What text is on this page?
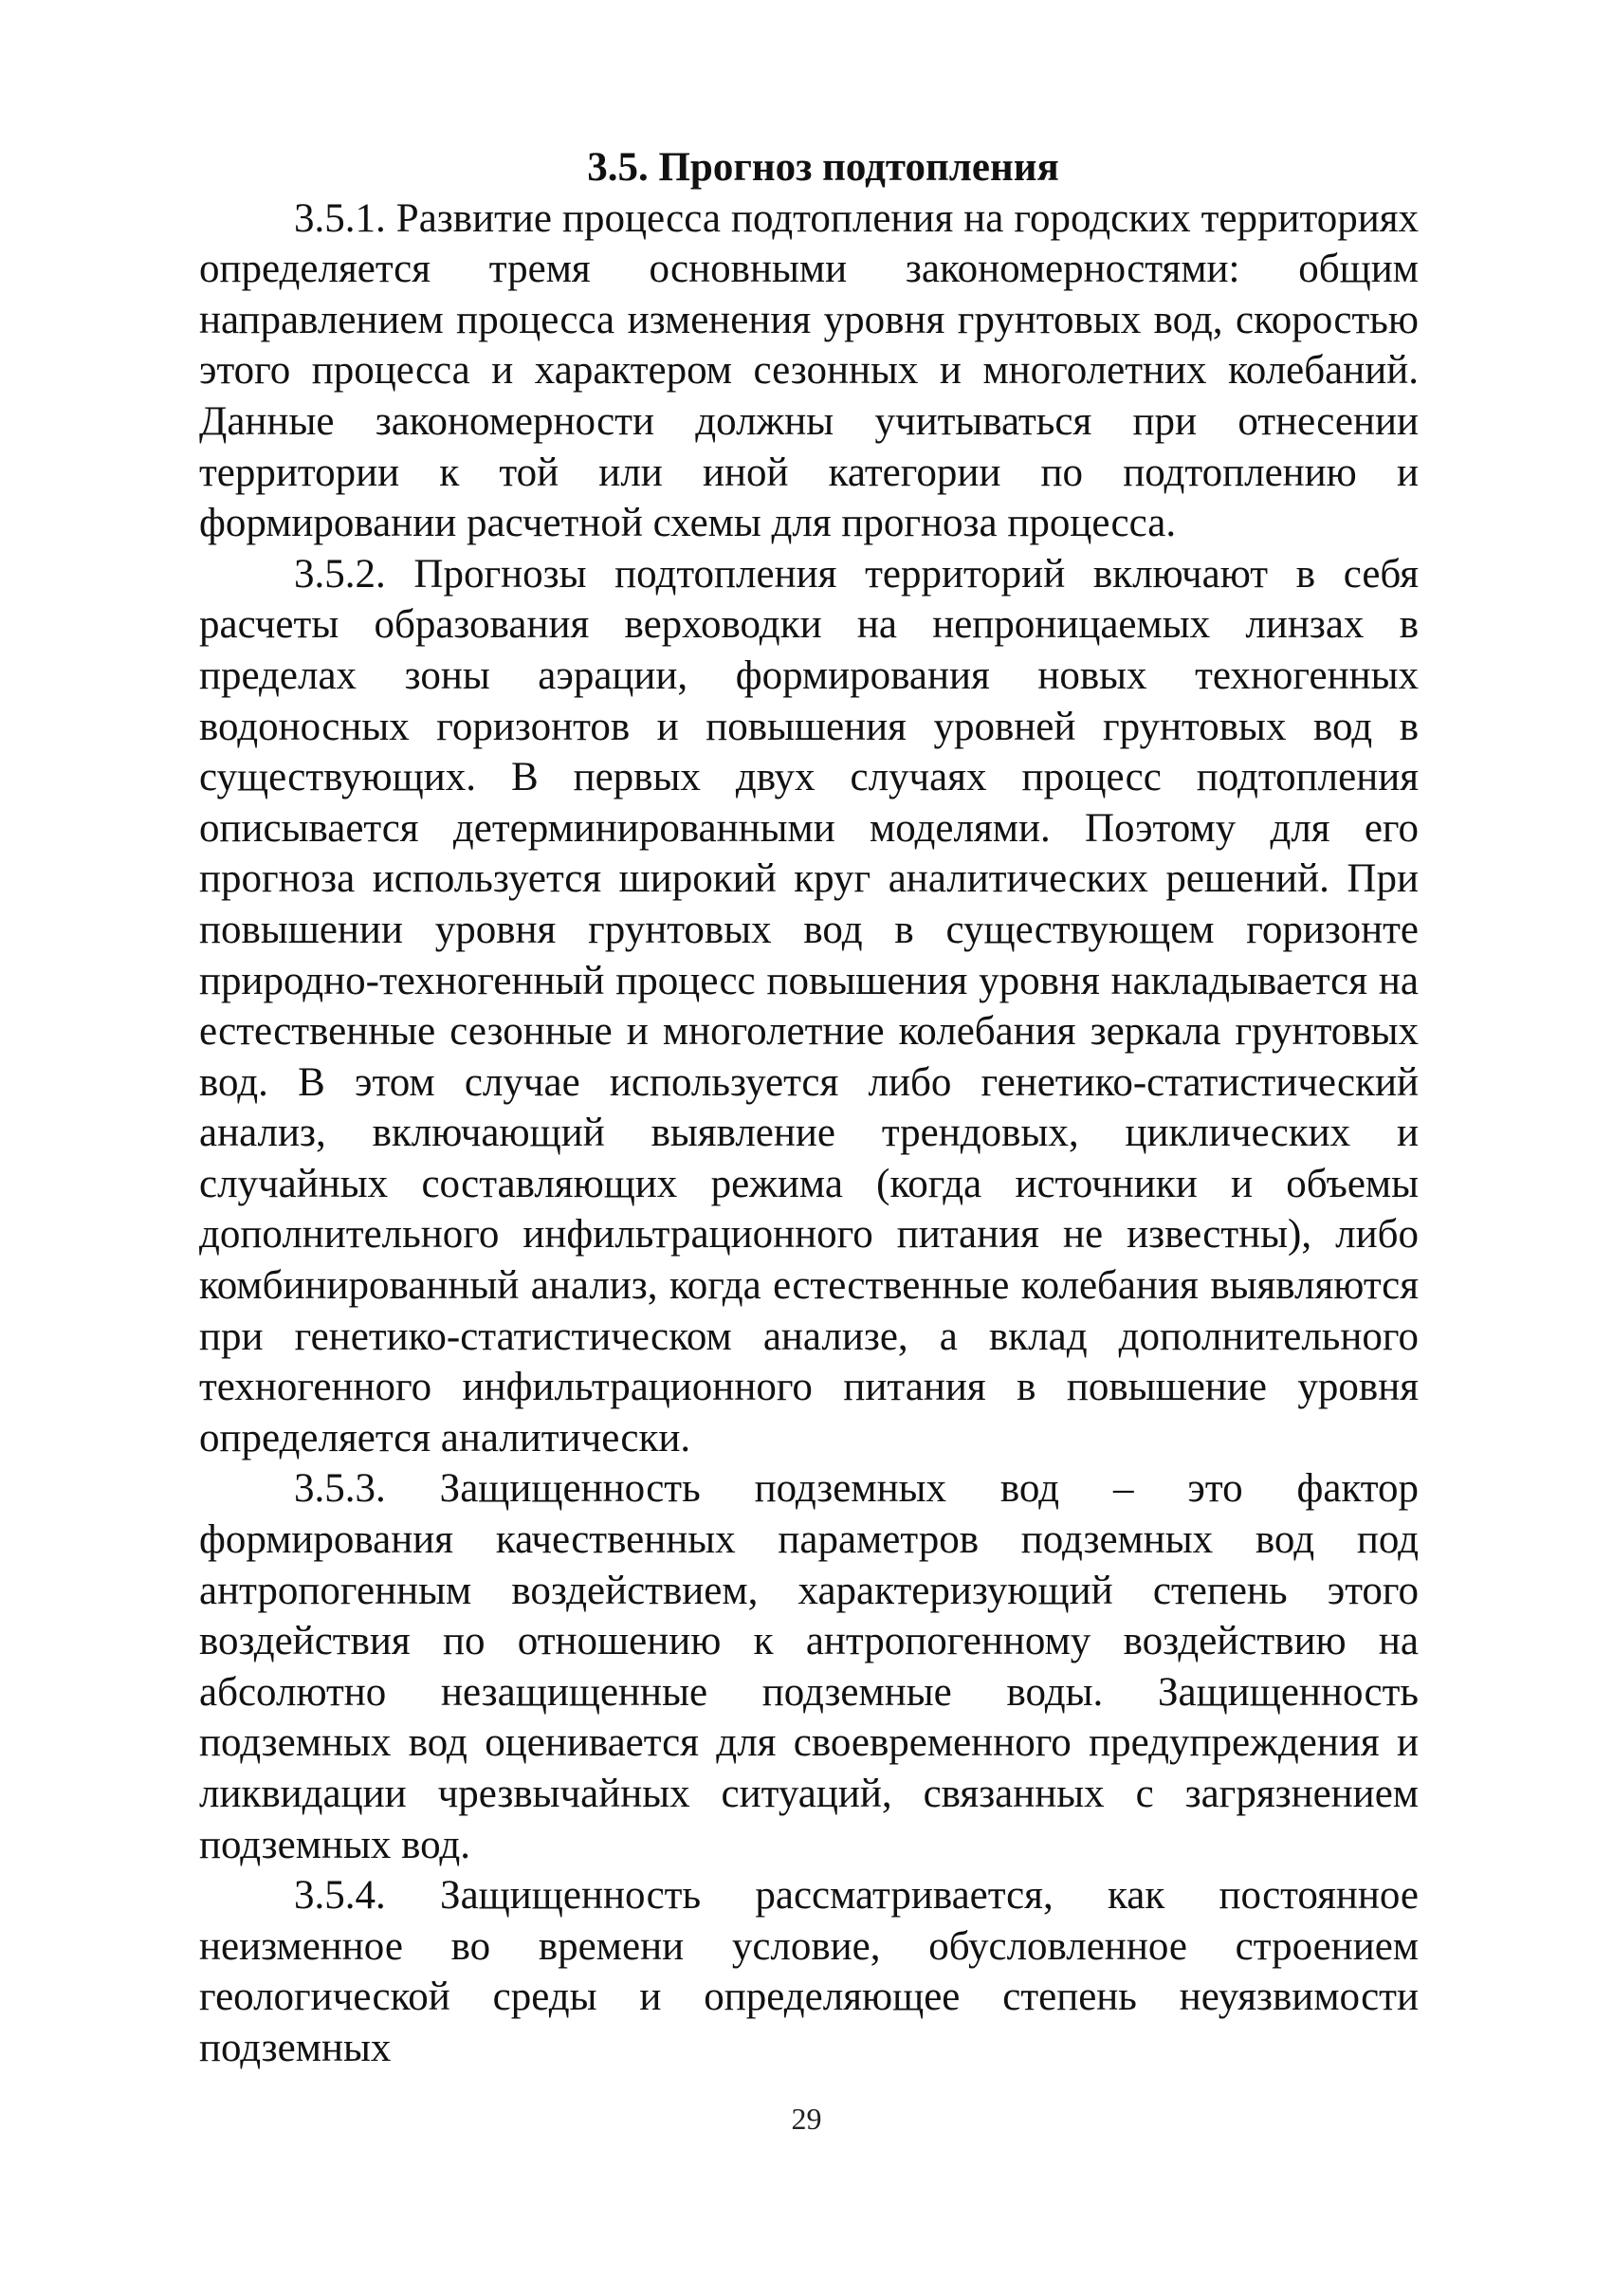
3.5. Прогноз подтопления

3.5.1. Развитие процесса подтопления на городских территориях определяется тремя основными закономерностями: общим направлением процесса изменения уровня грунтовых вод, скоростью этого процесса и характером сезонных и многолетних колебаний. Данные закономерности должны учитываться при отнесении территории к той или иной категории по подтоплению и формировании расчетной схемы для прогноза процесса.

3.5.2. Прогнозы подтопления территорий включают в себя расчеты образования верховодки на непроницаемых линзах в пределах зоны аэрации, формирования новых техногенных водоносных горизонтов и повышения уровней грунтовых вод в существующих. В первых двух случаях процесс подтопления описывается детерминированными моделями. Поэтому для его прогноза используется широкий круг аналитических решений. При повышении уровня грунтовых вод в существующем горизонте природно-техногенный процесс повышения уровня накладывается на естественные сезонные и многолетние колебания зеркала грунтовых вод. В этом случае используется либо генетико-статистический анализ, включающий выявление трендовых, циклических и случайных составляющих режима (когда источники и объемы дополнительного инфильтрационного питания не известны), либо комбинированный анализ, когда естественные колебания выявляются при генетико-статистическом анализе, а вклад дополнительного техногенного инфильтрационного питания в повышение уровня определяется аналитически.

3.5.3. Защищенность подземных вод – это фактор формирования качественных параметров подземных вод под антропогенным воздействием, характеризующий степень этого воздействия по отношению к антропогенному воздействию на абсолютно незащищенные подземные воды. Защищенность подземных вод оценивается для своевременного предупреждения и ликвидации чрезвычайных ситуаций, связанных с загрязнением подземных вод.

3.5.4. Защищенность рассматривается, как постоянное неизменное во времени условие, обусловленное строением геологической среды и определяющее степень неуязвимости подземных

29
